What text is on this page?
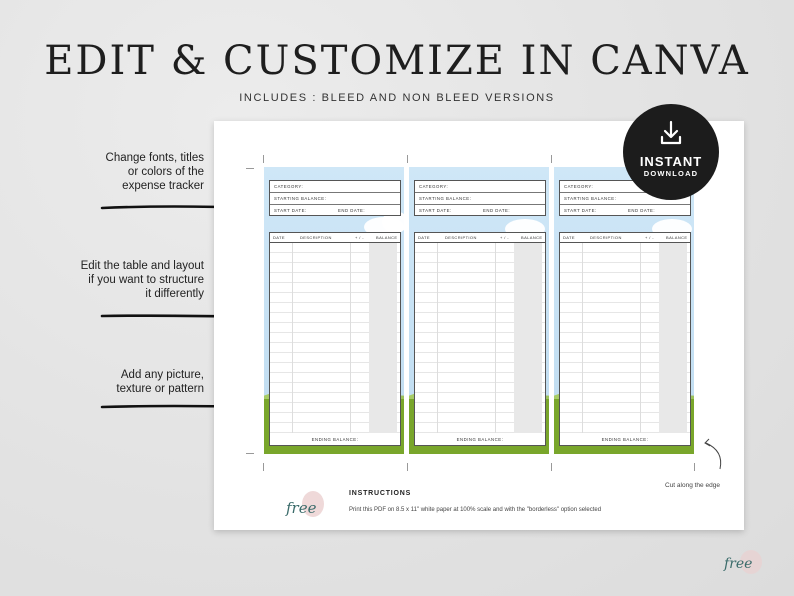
EDIT & CUSTOMIZE IN CANVA
INCLUDES : BLEED AND NON BLEED VERSIONS
Change fonts, titles
or colors of the
expense tracker
Edit the table and layout
if you want to structure
it differently
Add any picture,
texture or pattern
CATEGORY:
STARTING BALANCE:
START DATE:	END DATE:
DATE	DESCRIPTION	+ / -	BALANCE
ENDING BALANCE:
CATEGORY:
STARTING BALANCE:
START DATE:	END DATE:
DATE	DESCRIPTION	+ / -	BALANCE
ENDING BALANCE:
CATEGORY:
STARTING BALANCE:
START DATE:	END DATE:
DATE	DESCRIPTION	+ / -	BALANCE
ENDING BALANCE:
INSTANT
DOWNLOAD
Cut along the edge
free
INSTRUCTIONS
Print this PDF on 8.5 x 11" white paper at 100% scale and with the "borderless" option selected
free
